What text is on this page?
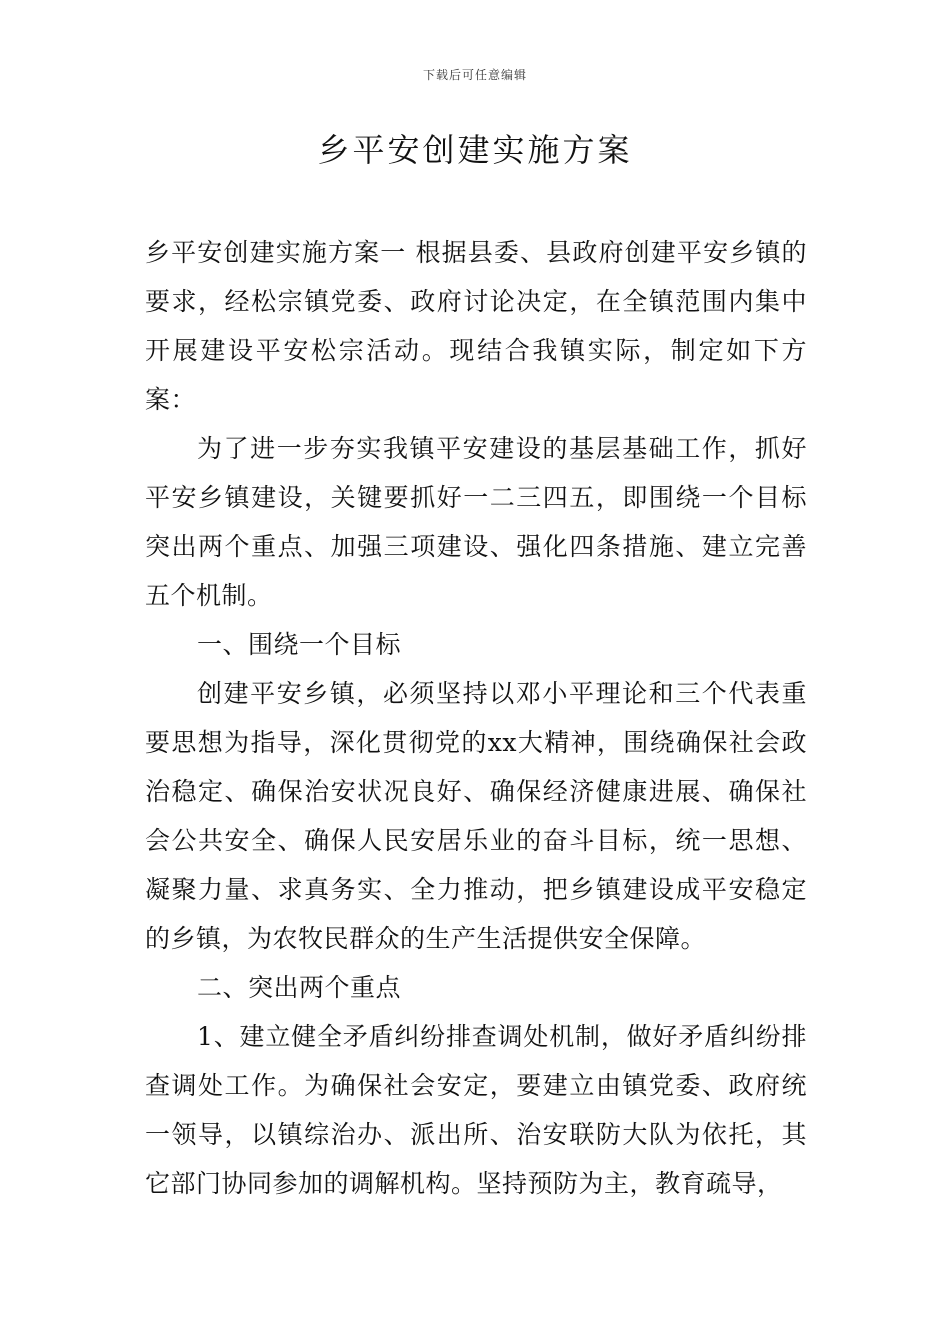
下载后可任意编辑
乡平安创建实施方案

乡平安创建实施方案一 根据县委、县政府创建平安乡镇的要求，经松宗镇党委、政府讨论决定，在全镇范围内集中开展建设平安松宗活动。现结合我镇实际，制定如下方案：

为了进一步夯实我镇平安建设的基层基础工作，抓好平安乡镇建设，关键要抓好一二三四五，即围绕一个目标突出两个重点、加强三项建设、强化四条措施、建立完善五个机制。

一、围绕一个目标

创建平安乡镇，必须坚持以邓小平理论和三个代表重要思想为指导，深化贯彻党的xx大精神，围绕确保社会政治稳定、确保治安状况良好、确保经济健康进展、确保社会公共安全、确保人民安居乐业的奋斗目标，统一思想、凝聚力量、求真务实、全力推动，把乡镇建设成平安稳定的乡镇，为农牧民群众的生产生活提供安全保障。

二、突出两个重点

1、建立健全矛盾纠纷排查调处机制，做好矛盾纠纷排查调处工作。为确保社会安定，要建立由镇党委、政府统一领导，以镇综治办、派出所、治安联防大队为依托，其它部门协同参加的调解机构。坚持预防为主，教育疏导，
